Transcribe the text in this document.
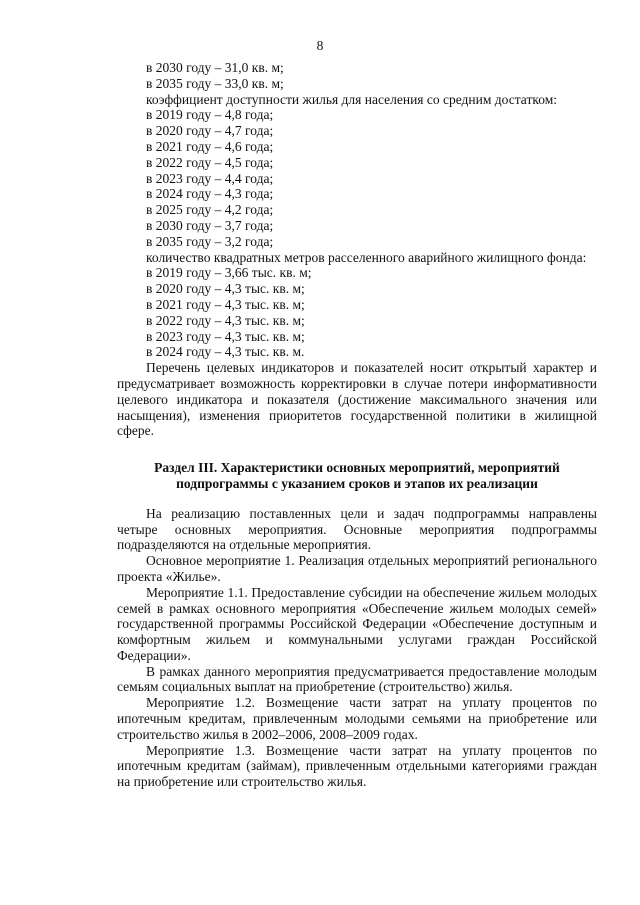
8
в 2030 году – 31,0 кв. м;
в 2035 году – 33,0 кв. м;
коэффициент доступности жилья для населения со средним достатком:
в 2019 году – 4,8 года;
в 2020 году – 4,7 года;
в 2021 году – 4,6 года;
в 2022 году – 4,5 года;
в 2023 году – 4,4 года;
в 2024 году – 4,3 года;
в 2025 году – 4,2 года;
в 2030 году – 3,7 года;
в 2035 году – 3,2 года;
количество квадратных метров расселенного аварийного жилищного фонда:
в 2019 году – 3,66 тыс. кв. м;
в 2020 году – 4,3 тыс. кв. м;
в 2021 году – 4,3 тыс. кв. м;
в 2022 году – 4,3 тыс. кв. м;
в 2023 году – 4,3 тыс. кв. м;
в 2024 году – 4,3 тыс. кв. м.
Перечень целевых индикаторов и показателей носит открытый характер и предусматривает возможность корректировки в случае потери информативности целевого индикатора и показателя (достижение максимального значения или насыщения), изменения приоритетов государственной политики в жилищной сфере.
Раздел III. Характеристики основных мероприятий, мероприятий
подпрограммы с указанием сроков и этапов их реализации
На реализацию поставленных цели и задач подпрограммы направлены четыре основных мероприятия. Основные мероприятия подпрограммы подразделяются на отдельные мероприятия.
Основное мероприятие 1. Реализация отдельных мероприятий регионального проекта «Жилье».
Мероприятие 1.1. Предоставление субсидии на обеспечение жильем молодых семей в рамках основного мероприятия «Обеспечение жильем молодых семей» государственной программы Российской Федерации «Обеспечение доступным и комфортным жильем и коммунальными услугами граждан Российской Федерации».
В рамках данного мероприятия предусматривается предоставление молодым семьям социальных выплат на приобретение (строительство) жилья.
Мероприятие 1.2. Возмещение части затрат на уплату процентов по ипотечным кредитам, привлеченным молодыми семьями на приобретение или строительство жилья в 2002–2006, 2008–2009 годах.
Мероприятие 1.3. Возмещение части затрат на уплату процентов по ипотечным кредитам (займам), привлеченным отдельными категориями граждан на приобретение или строительство жилья.
